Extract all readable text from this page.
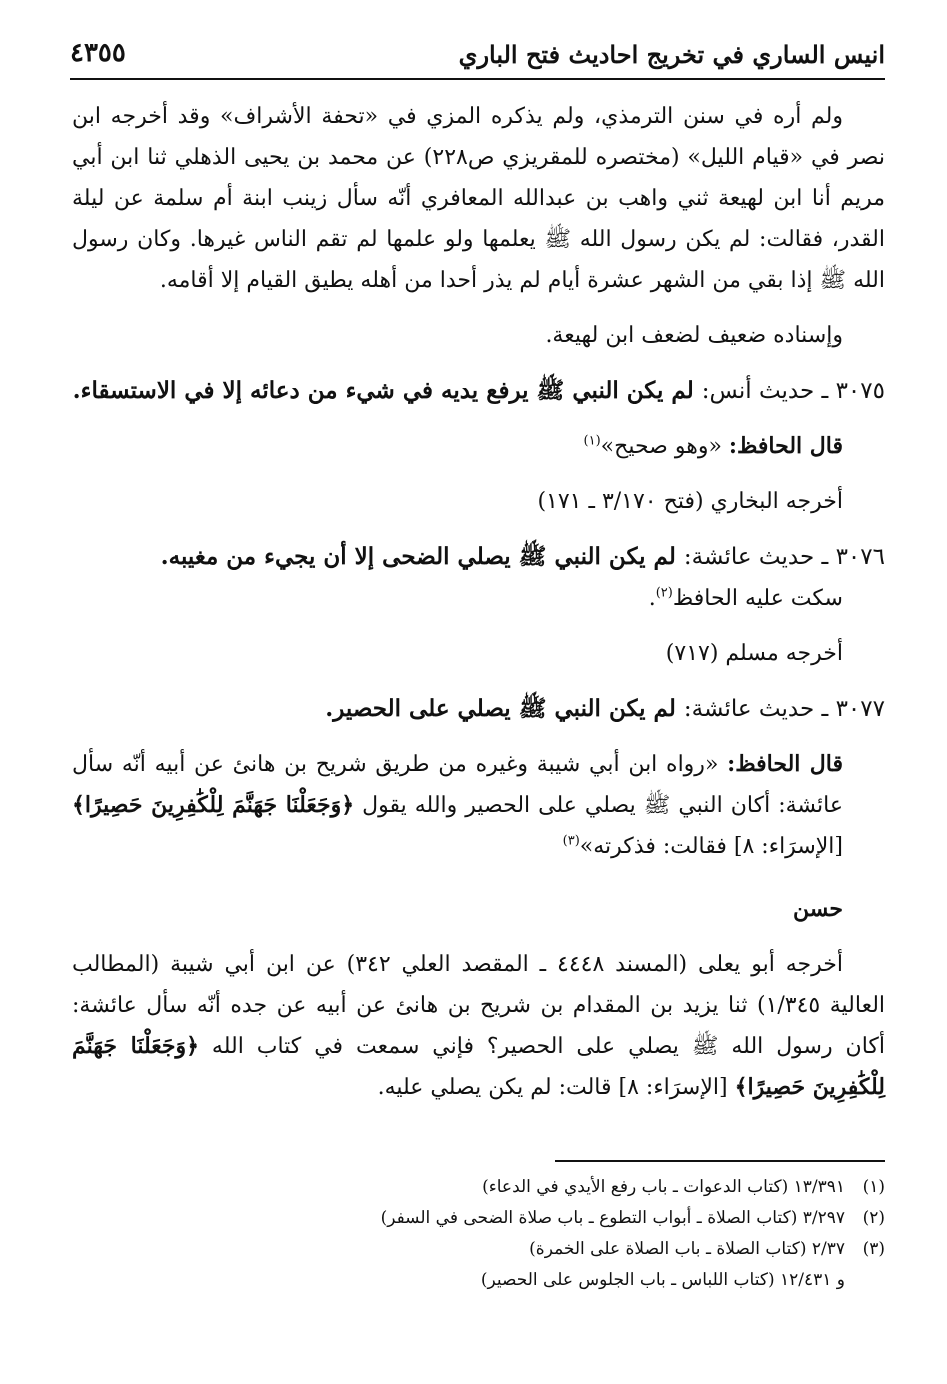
انيس الساري في تخريج احاديث فتح الباري
٤٣٥٥

ولم أره في سنن الترمذي، ولم يذكره المزي في «تحفة الأشراف» وقد أخرجه ابن نصر في «قيام الليل» (مختصره للمقريزي ص٢٢٨) عن محمد بن يحيى الذهلي ثنا ابن أبي مريم أنا ابن لهيعة ثني واهب بن عبدالله المعافري أنّه سأل زينب ابنة أم سلمة عن ليلة القدر، فقالت: لم يكن رسول الله ﷺ يعلمها ولو علمها لم تقم الناس غيرها. وكان رسول الله ﷺ إذا بقي من الشهر عشرة أيام لم يذر أحدا من أهله يطيق القيام إلا أقامه.

وإسناده ضعيف لضعف ابن لهيعة.

٣٠٧٥ ـ حديث أنس: لم يكن النبي ﷺ يرفع يديه في شيء من دعائه إلا في الاستسقاء.

قال الحافظ: «وهو صحيح»$^{(١)}$

أخرجه البخاري (فتح ٣/١٧٠ ـ ١٧١)

٣٠٧٦ ـ حديث عائشة: لم يكن النبي ﷺ يصلي الضحى إلا أن يجيء من مغيبه.

سكت عليه الحافظ$^{(٢)}$.

أخرجه مسلم (٧١٧)

٣٠٧٧ ـ حديث عائشة: لم يكن النبي ﷺ يصلي على الحصير.

قال الحافظ: «رواه ابن أبي شيبة وغيره من طريق شريح بن هانئ عن أبيه أنّه سأل عائشة: أكان النبي ﷺ يصلي على الحصير والله يقول ﴿وَجَعَلْنَا جَهَنَّمَ لِلْكَٰفِرِينَ حَصِيرًا﴾ [الإسرَاء: ٨] فقالت: فذكرته»$^{(٣)}$

حسن

أخرجه أبو يعلى (المسند ٤٤٤٨ ـ المقصد العلي ٣٤٢) عن ابن أبي شيبة (المطالب العالية ١/٣٤٥) ثنا يزيد بن المقدام بن شريح بن هانئ عن أبيه عن جده أنّه سأل عائشة: أكان رسول الله ﷺ يصلي على الحصير؟ فإني سمعت في كتاب الله ﴿وَجَعَلْنَا جَهَنَّمَ لِلْكَٰفِرِينَ حَصِيرًا﴾ [الإسرَاء: ٨] قالت: لم يكن يصلي عليه.

(١)١٣/٣٩١ (كتاب الدعوات ـ باب رفع الأيدي في الدعاء)
(٢)٣/٢٩٧ (كتاب الصلاة ـ أبواب التطوع ـ باب صلاة الضحى في السفر)
(٣)٢/٣٧ (كتاب الصلاة ـ باب الصلاة على الخمرة)
و ١٢/٤٣١ (كتاب اللباس ـ باب الجلوس على الحصير)
